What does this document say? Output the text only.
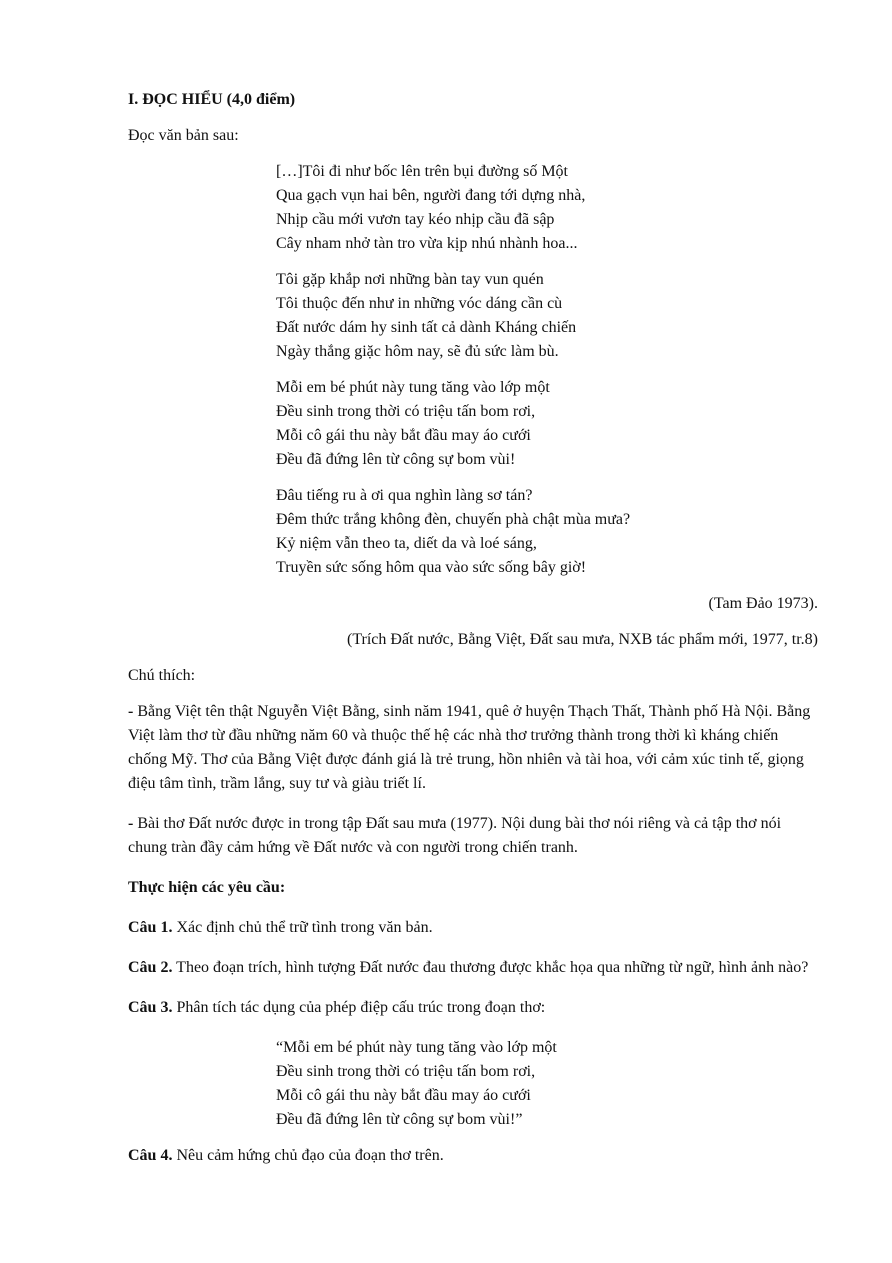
I. ĐỌC HIỂU (4,0 điểm)

Đọc văn bản sau:

[…]Tôi đi như bốc lên trên bụi đường số Một

Qua gạch vụn hai bên, người đang tới dựng nhà,

Nhịp cầu mới vươn tay kéo nhịp cầu đã sập

Cây nham nhở tàn tro vừa kịp nhú nhành hoa...

Tôi gặp khắp nơi những bàn tay vun quén

Tôi thuộc đến như in những vóc dáng cần cù

Đất nước dám hy sinh tất cả dành Kháng chiến

Ngày thắng giặc hôm nay, sẽ đủ sức làm bù.

Mỗi em bé phút này tung tăng vào lớp một

Đều sinh trong thời có triệu tấn bom rơi,

Mỗi cô gái thu này bắt đầu may áo cưới

Đều đã đứng lên từ công sự bom vùi!

Đâu tiếng ru à ơi qua nghìn làng sơ tán?

Đêm thức trắng không đèn, chuyến phà chật mùa mưa?

Kỷ niệm vẫn theo ta, diết da và loé sáng,

Truyền sức sống hôm qua vào sức sống bây giờ!

(Tam Đảo 1973).

(Trích Đất nước, Bằng Việt, Đất sau mưa, NXB tác phẩm mới, 1977, tr.8)

Chú thích:

- Bằng Việt tên thật Nguyễn Việt Bằng, sinh năm 1941, quê ở huyện Thạch Thất, Thành phố Hà Nội. Bằng Việt làm thơ từ đầu những năm 60 và thuộc thế hệ các nhà thơ trưởng thành trong thời kì kháng chiến chống Mỹ. Thơ của Bằng Việt được đánh giá là trẻ trung, hồn nhiên và tài hoa, với cảm xúc tinh tế, giọng điệu tâm tình, trầm lắng, suy tư và giàu triết lí.

- Bài thơ Đất nước được in trong tập Đất sau mưa (1977). Nội dung bài thơ nói riêng và cả tập thơ nói chung tràn đầy cảm hứng về Đất nước và con người trong chiến tranh.

Thực hiện các yêu cầu:

Câu 1. Xác định chủ thể trữ tình trong văn bản.

Câu 2. Theo đoạn trích, hình tượng Đất nước đau thương được khắc họa qua những từ ngữ, hình ảnh nào?

Câu 3. Phân tích tác dụng của phép điệp cấu trúc trong đoạn thơ:

“Mỗi em bé phút này tung tăng vào lớp một

Đều sinh trong thời có triệu tấn bom rơi,

Mỗi cô gái thu này bắt đầu may áo cưới

Đều đã đứng lên từ công sự bom vùi!”

Câu 4. Nêu cảm hứng chủ đạo của đoạn thơ trên.
